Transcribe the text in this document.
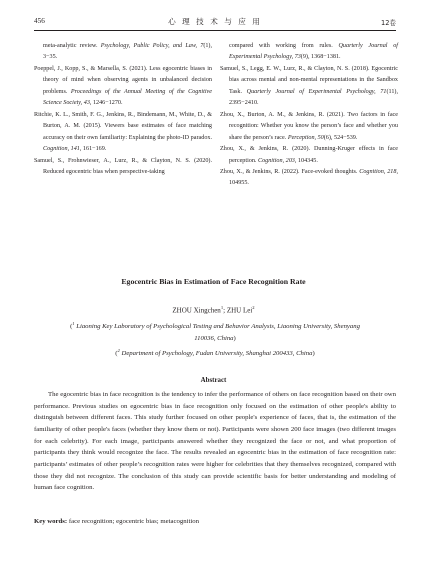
456	心 理 技 术 与 应 用	12卷

meta-analytic review. Psychology, Public Policy, and Law, 7(1), 3−35.

Poeppel, J., Kopp, S., & Marsella, S. (2021). Less egocentric biases in theory of mind when observing agents in unbalanced decision problems. Proceedings of the Annual Meeting of the Cognitive Science Society, 43, 1246−1270.

Ritchie, K. L., Smith, F. G., Jenkins, R., Bindemann, M., White, D., & Burton, A. M. (2015). Viewers base estimates of face matching accuracy on their own familiarity: Explaining the photo-ID paradox. Cognition, 141, 161−169.

Samuel, S., Frohnwieser, A., Lurz, R., & Clayton, N. S. (2020). Reduced egocentric bias when perspective-taking

compared with working from rules. Quarterly Journal of Experimental Psychology, 73(9), 1368−1381.

Samuel, S., Legg, E. W., Lurz, R., & Clayton, N. S. (2018). Egocentric bias across mental and non-mental representations in the Sandbox Task. Quarterly Journal of Experimental Psychology, 71(11), 2395−2410.

Zhou, X., Burton, A. M., & Jenkins, R. (2021). Two factors in face recognition: Whether you know the person’s face and whether you share the person’s race. Perception, 50(6), 524−539.

Zhou, X., & Jenkins, R. (2020). Dunning-Kruger effects in face perception. Cognition, 203, 104345.

Zhou, X., & Jenkins, R. (2022). Face-evoked thoughts. Cognition, 218, 104955.

Egocentric Bias in Estimation of Face Recognition Rate
ZHOU Xingchen$^1$; ZHU Lei$^2$
($^1$ Liaoning Key Laboratory of Psychological Testing and Behavior Analysis, Liaoning University, Shenyang
110036, China)
($^2$ Department of Psychology, Fudan University, Shanghai 200433, China)
Abstract

The egocentric bias in face recognition is the tendency to infer the performance of others on face recognition based on their own performance. Previous studies on egocentric bias in face recognition only focused on the estimation of other people's ability to distinguish between different faces. This study further focused on other people's experience of faces, that is, the estimation of the familiarity of other people's faces (whether they know them or not). Participants were shown 200 face images (two different images for each celebrity). For each image, participants answered whether they recognized the face or not, and what proportion of participants they think would recognize the face. The results revealed an egocentric bias in the estimation of face recognition rate: participants’ estimates of other people’s recognition rates were higher for celebrities that they themselves recognized, compared with those they did not recognize. The conclusion of this study can provide scientific basis for better understanding and modeling of human face cognition.

Key words: face recognition; egocentric bias; metacognition
